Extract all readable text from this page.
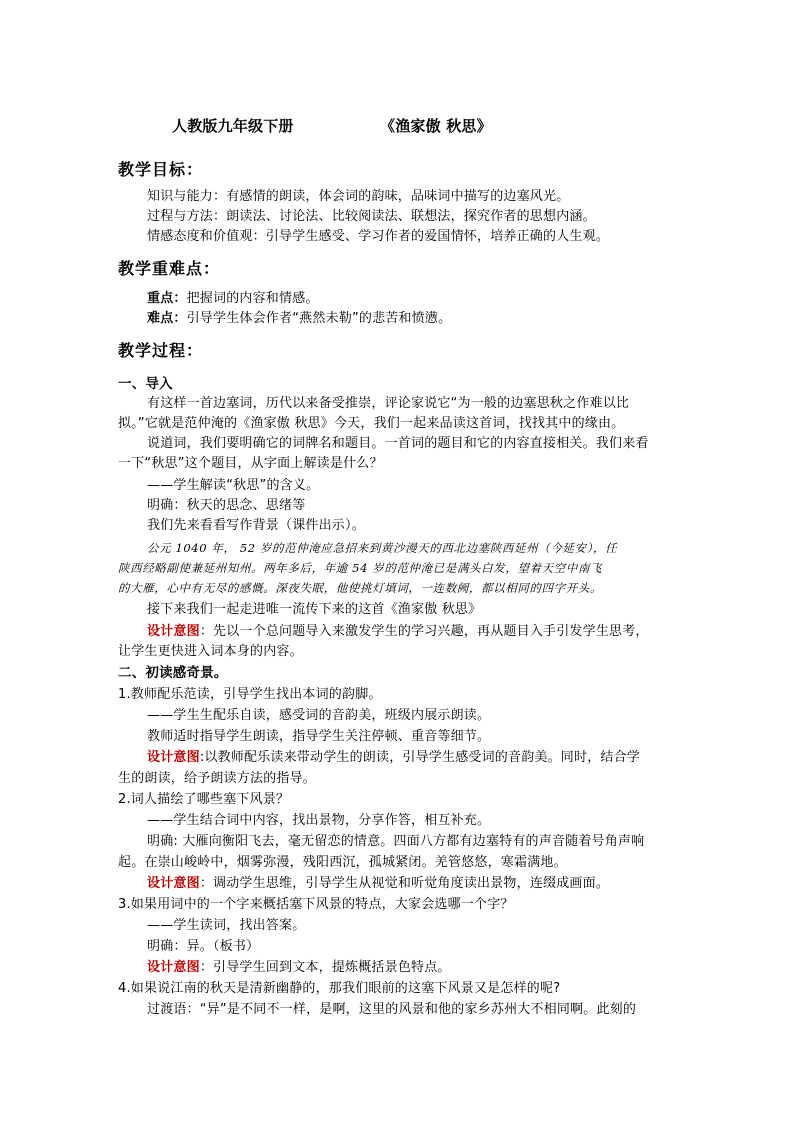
人教版九年级下册	《渔家傲 秋思》
教学目标：
知识与能力：有感情的朗读，体会词的韵味，品味词中描写的边塞风光。
过程与方法：朗读法、讨论法、比较阅读法、联想法，探究作者的思想内涵。
情感态度和价值观：引导学生感受、学习作者的爱国情怀，培养正确的人生观。
教学重难点：
重点：把握词的内容和情感。
难点：引导学生体会作者“燕然未勒”的悲苦和愤懑。
教学过程：
一、导入
有这样一首边塞词，历代以来备受推崇，评论家说它“为一般的边塞思秋之作难以比
拟。”它就是范仲淹的《渔家傲 秋思》今天，我们一起来品读这首词，找找其中的缘由。
说道词，我们要明确它的词牌名和题目。一首词的题目和它的内容直接相关。我们来看
一下“秋思”这个题目，从字面上解读是什么？
——学生解读“秋思”的含义。
明确：秋天的思念、思绪等
我们先来看看写作背景（课件出示）。
公元 1040 年， 52 岁的范仲淹应急招来到黄沙漫天的西北边塞陕西延州（今延安），任
陕西经略副使兼延州知州。两年多后，年逾 54 岁的范仲淹已是满头白发，望着天空中南飞
的大雁，心中有无尽的感慨。深夜失眠，他使挑灯填词，一连数阙，都以相同的四字开头。
接下来我们一起走进唯一流传下来的这首《渔家傲 秋思》
设计意图：先以一个总问题导入来激发学生的学习兴趣，再从题目入手引发学生思考，
让学生更快进入词本身的内容。
二、初读感奇景。
1.教师配乐范读，引导学生找出本词的韵脚。
——学生生配乐自读，感受词的音韵美，班级内展示朗读。
教师适时指导学生朗读，指导学生关注停顿、重音等细节。
设计意图:以教师配乐读来带动学生的朗读，引导学生感受词的音韵美。同时，结合学
生的朗读，给予朗读方法的指导。
2.词人描绘了哪些塞下风景？
——学生结合词中内容，找出景物，分享作答，相互补充。
明确: 大雁向衡阳飞去，毫无留恋的情意。四面八方都有边塞特有的声音随着号角声响
起。在崇山峻岭中，烟雾弥漫，残阳西沉，孤城紧闭。羌管悠悠，寒霜满地。
设计意图：调动学生思维，引导学生从视觉和听觉角度读出景物，连缀成画面。
3.如果用词中的一个字来概括塞下风景的特点，大家会选哪一个字？
——学生读词，找出答案。
明确：异。（板书）
设计意图：引导学生回到文本，提炼概括景色特点。
4.如果说江南的秋天是清新幽静的，那我们眼前的这塞下风景又是怎样的呢?
过渡语：“异”是不同不一样，是啊，这里的风景和他的家乡苏州大不相同啊。此刻的
